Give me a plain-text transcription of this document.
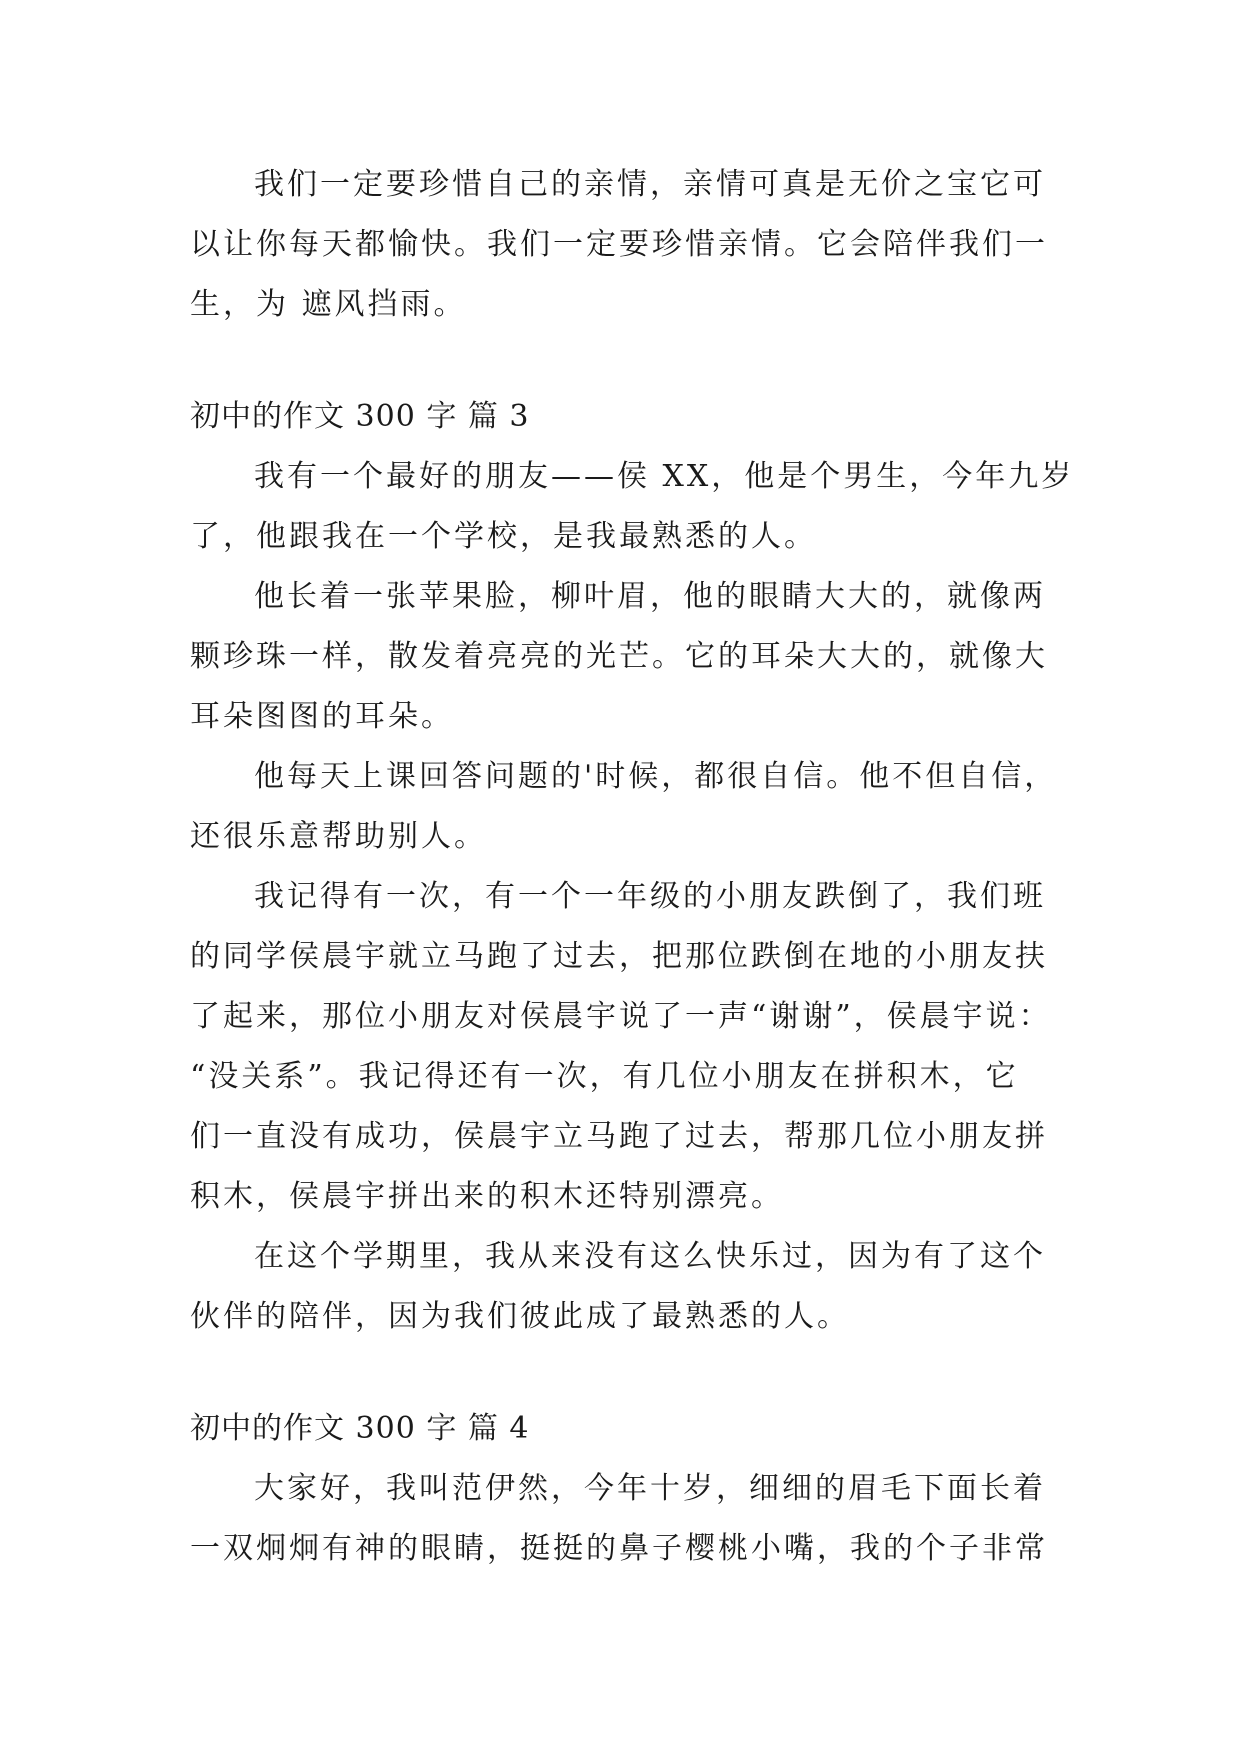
我们一定要珍惜自己的亲情，亲情可真是无价之宝它可
以让你每天都愉快。我们一定要珍惜亲情。它会陪伴我们一
生，为 遮风挡雨。
初中的作文 300 字 篇 3
我有一个最好的朋友——侯 XX，他是个男生，今年九岁
了，他跟我在一个学校，是我最熟悉的人。
他长着一张苹果脸，柳叶眉，他的眼睛大大的，就像两
颗珍珠一样，散发着亮亮的光芒。它的耳朵大大的，就像大
耳朵图图的耳朵。
他每天上课回答问题的'时候，都很自信。他不但自信，
还很乐意帮助别人。
我记得有一次，有一个一年级的小朋友跌倒了，我们班
的同学侯晨宇就立马跑了过去，把那位跌倒在地的小朋友扶
了起来，那位小朋友对侯晨宇说了一声“谢谢”，侯晨宇说：
“没关系”。我记得还有一次，有几位小朋友在拼积木，它
们一直没有成功，侯晨宇立马跑了过去，帮那几位小朋友拼
积木，侯晨宇拼出来的积木还特别漂亮。
在这个学期里，我从来没有这么快乐过，因为有了这个
伙伴的陪伴，因为我们彼此成了最熟悉的人。
初中的作文 300 字 篇 4
大家好，我叫范伊然，今年十岁，细细的眉毛下面长着
一双炯炯有神的眼睛，挺挺的鼻子樱桃小嘴，我的个子非常
